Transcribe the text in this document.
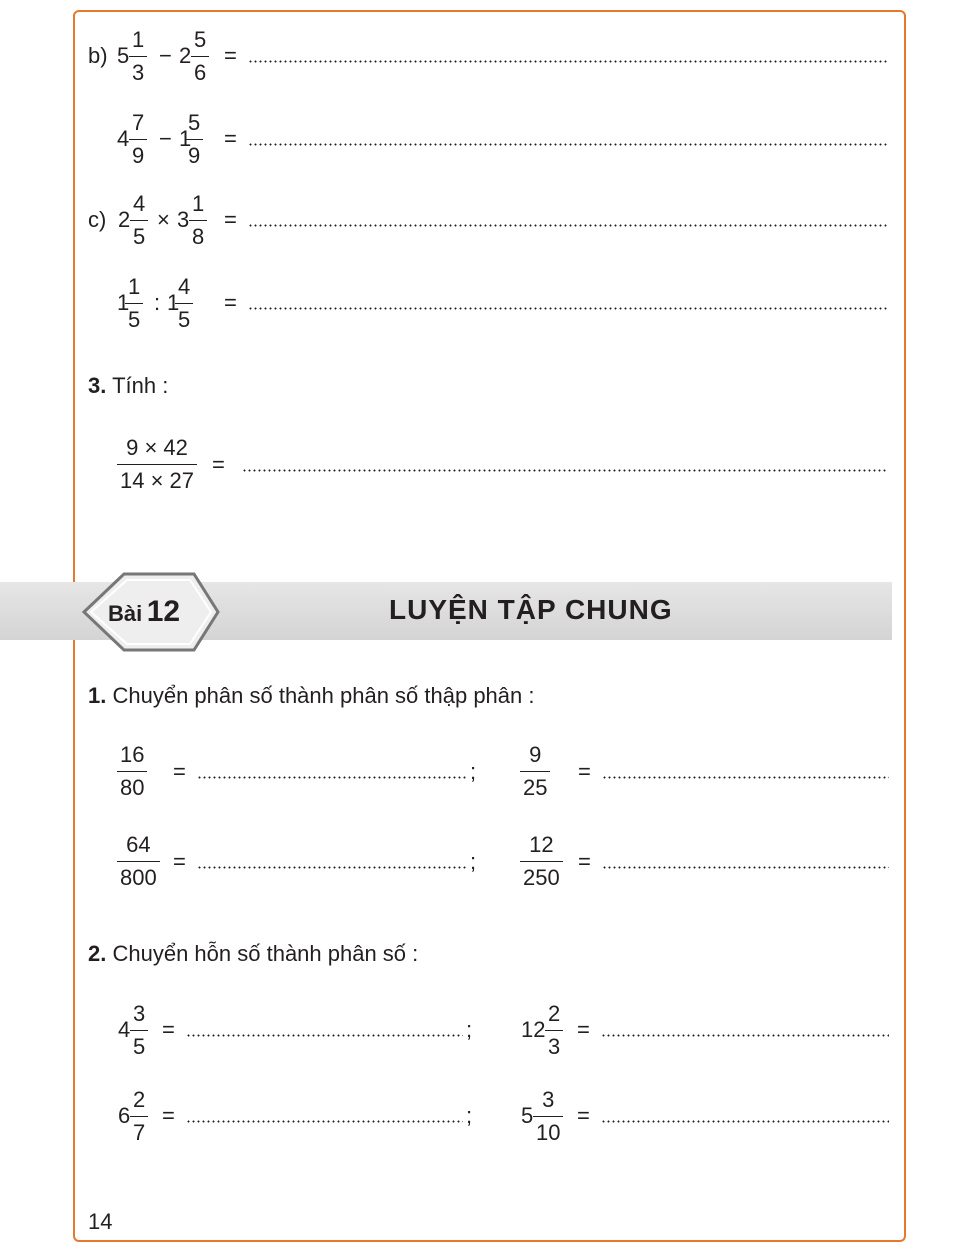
b) $5 \frac{1}{3} - 2 \frac{5}{6}$ =
$4 \frac{7}{9} - 1$
$\frac{5}{9}$ =
c) $2 \frac{4}{5} \times 3 \frac{1}{8}$ =
1
$\frac{1}{5}$ : 1
$\frac{4}{5}$ =
3. Tính :
$\frac{9 \times 42}{14 \times 27}$ =
Bài 12	LUYỆN TẬP CHUNG
1. Chuyển phân số thành phân số thập phân :
$\frac{16}{80}$ =	; $\frac{9}{25}$ =
$\frac{64}{800}$ =	; $\frac{12}{250}$ =
2. Chuyển hỗn số thành phân số :
$4 \frac{3}{5}$ =	; $12 \frac{2}{3}$ =
$6 \frac{2}{7}$ =	; $5 \frac{3}{10}$ =
14
